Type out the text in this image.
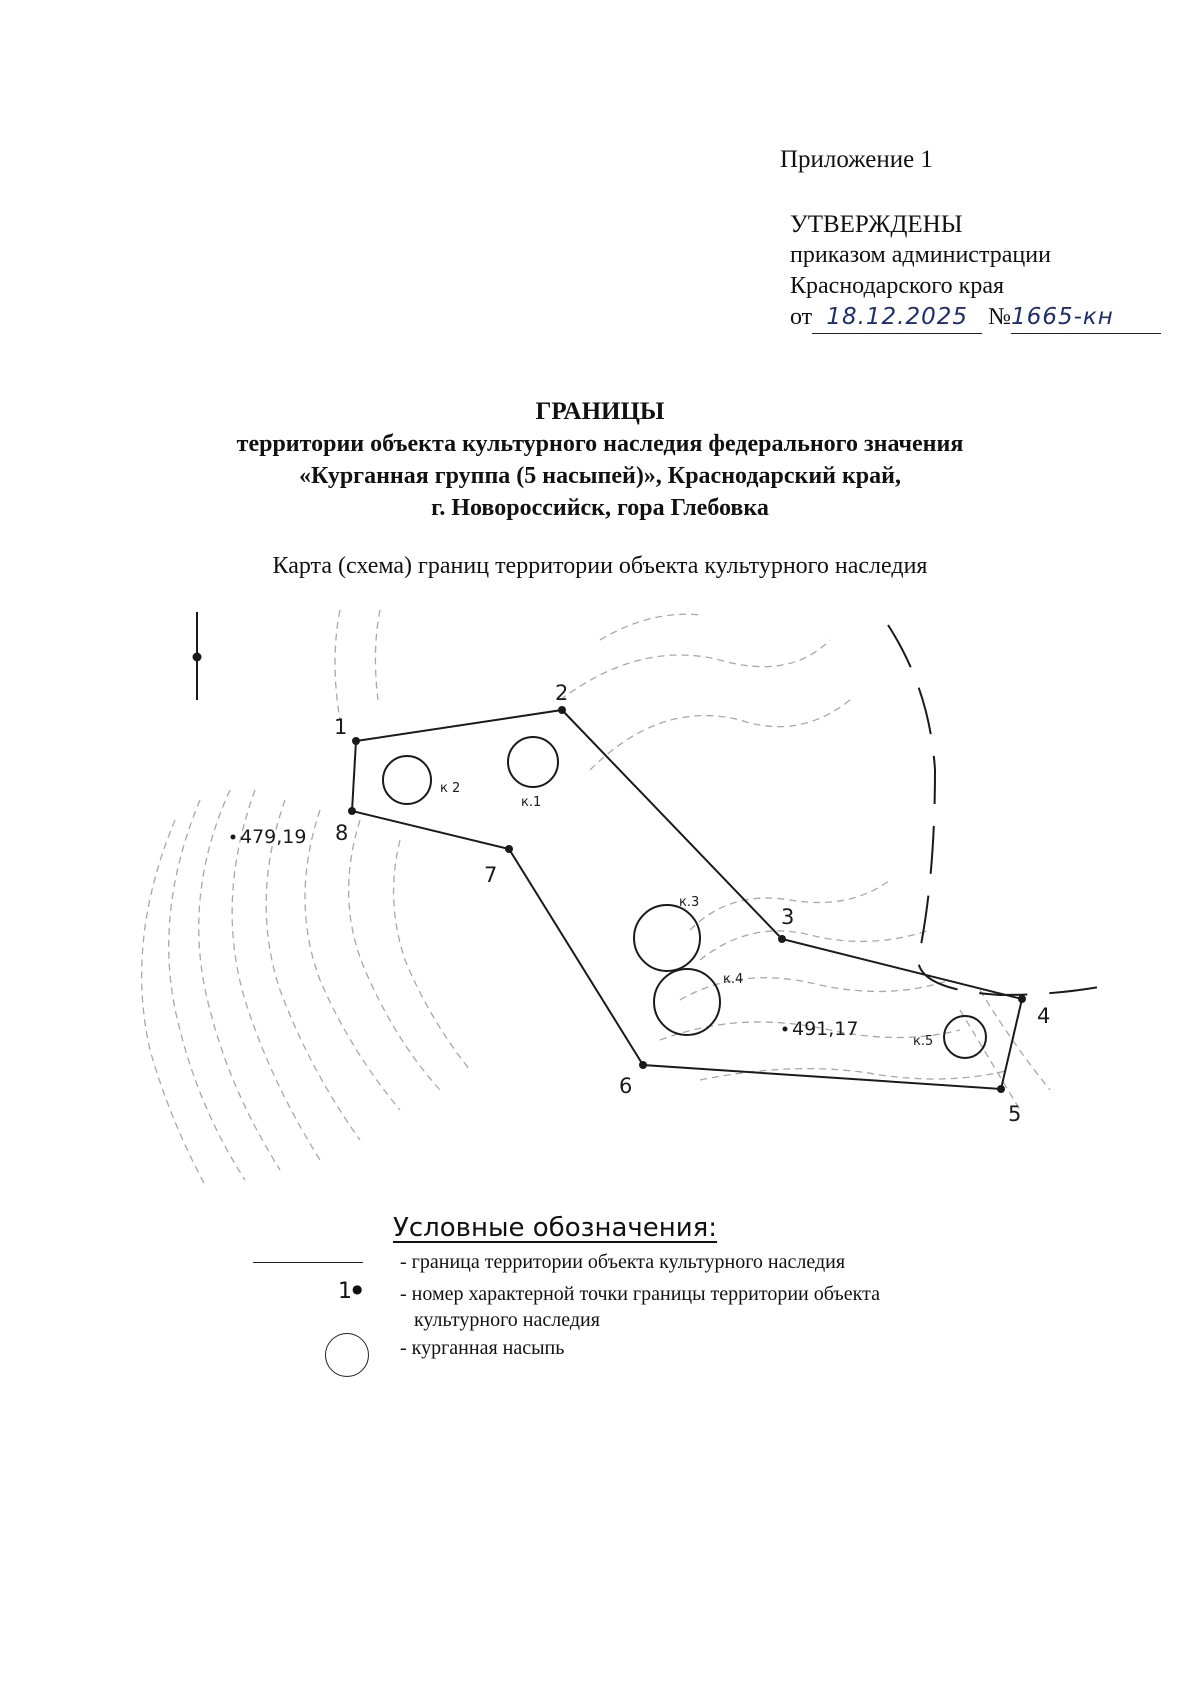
Приложение 1
УТВЕРЖДЕНЫ
приказом администрации
Краснодарского края
от 18.12.2025 №1665-кн
ГРАНИЦЫ
территории объекта культурного наследия федерального значения
«Курганная группа (5 насыпей)», Краснодарский край,
г. Новороссийск, гора Глебовка
Карта (схема) границ территории объекта культурного наследия
1
2
3
4
5
6
7
8
к.1
к 2
к.3
к.4
к.5
479,19
491,17
Условные обозначения:
- граница территории объекта культурного наследия
1● - номер характерной точки границы территории объекта
культурного наследия
- курганная насыпь
